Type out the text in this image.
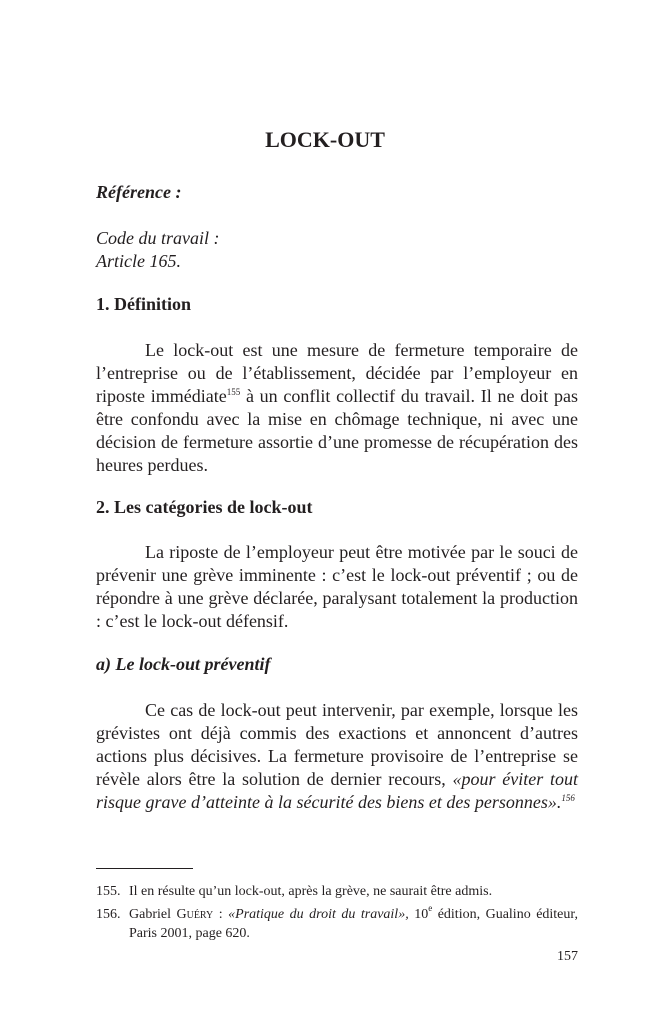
LOCK-OUT
Référence :
Code du travail :
Article 165.
1. Définition
Le lock-out est une mesure de fermeture temporaire de l’entreprise ou de l’établissement, décidée par l’employeur en riposte immédiate$^{155}$ à un conflit collectif du travail. Il ne doit pas être confondu avec la mise en chômage technique, ni avec une décision de fermeture assortie d’une promesse de récupération des heures perdues.
2. Les catégories de lock-out
La riposte de l’employeur peut être motivée par le souci de prévenir une grève imminente : c’est le lock-out préventif ; ou de répondre à une grève déclarée, paralysant totalement la production : c’est le lock-out défensif.
a) Le lock-out préventif
Ce cas de lock-out peut intervenir, par exemple, lorsque les grévistes ont déjà commis des exactions et annoncent d’autres actions plus décisives. La fermeture provisoire de l’entreprise se révèle alors être la solution de dernier recours, «pour éviter tout risque grave d’atteinte à la sécurité des biens et des personnes».$^{156}$
155. Il en résulte qu’un lock-out, après la grève, ne saurait être admis.
156. Gabriel Guéry : «Pratique du droit du travail», 10e édition, Gualino éditeur, Paris 2001, page 620.
157
